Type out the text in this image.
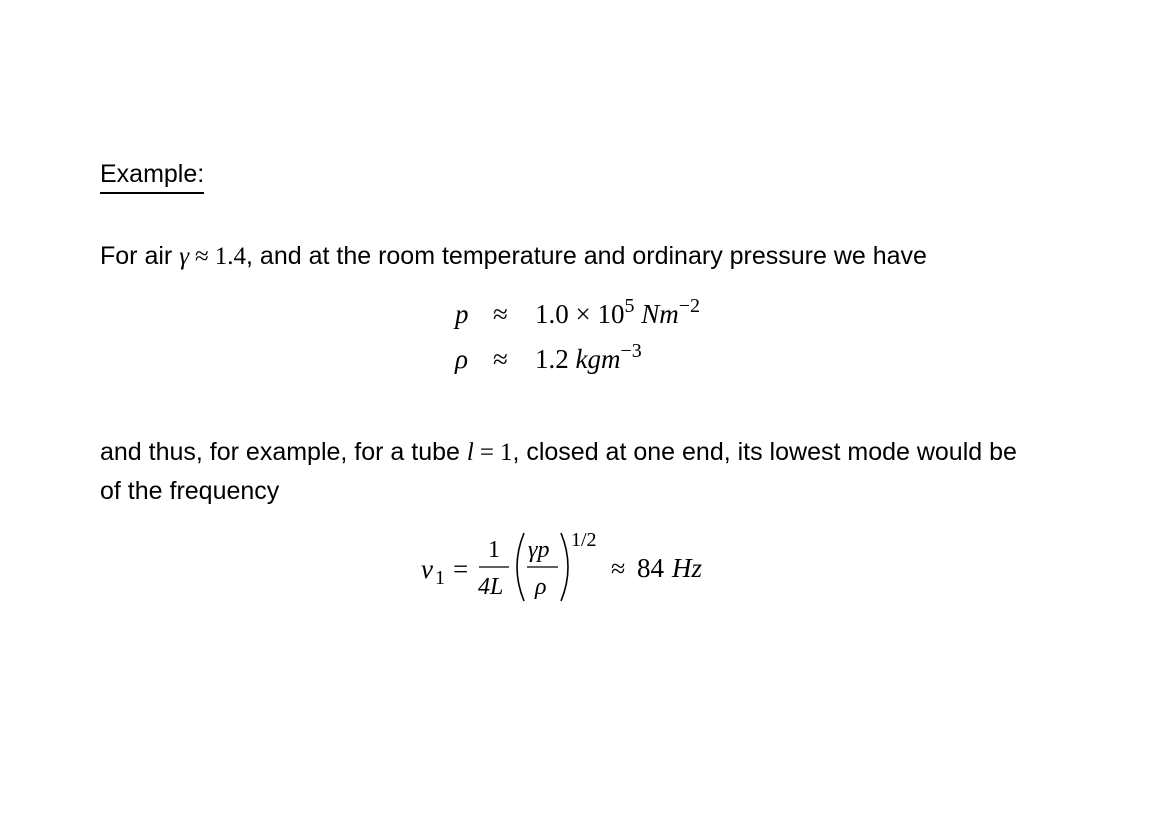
Example:
For air γ ≈ 1.4, and at the room temperature and ordinary pressure we have
$p \approx 1.0 \times 10^5$ $Nm^{-2}$
ρ ≈ 1.2 kgm$^{-3}$
and thus, for example, for a tube l = 1, closed at one end, its lowest mode would be
of the frequency
ν 1 =
1
4L
γp
ρ
1/2
≈ 84 Hz
